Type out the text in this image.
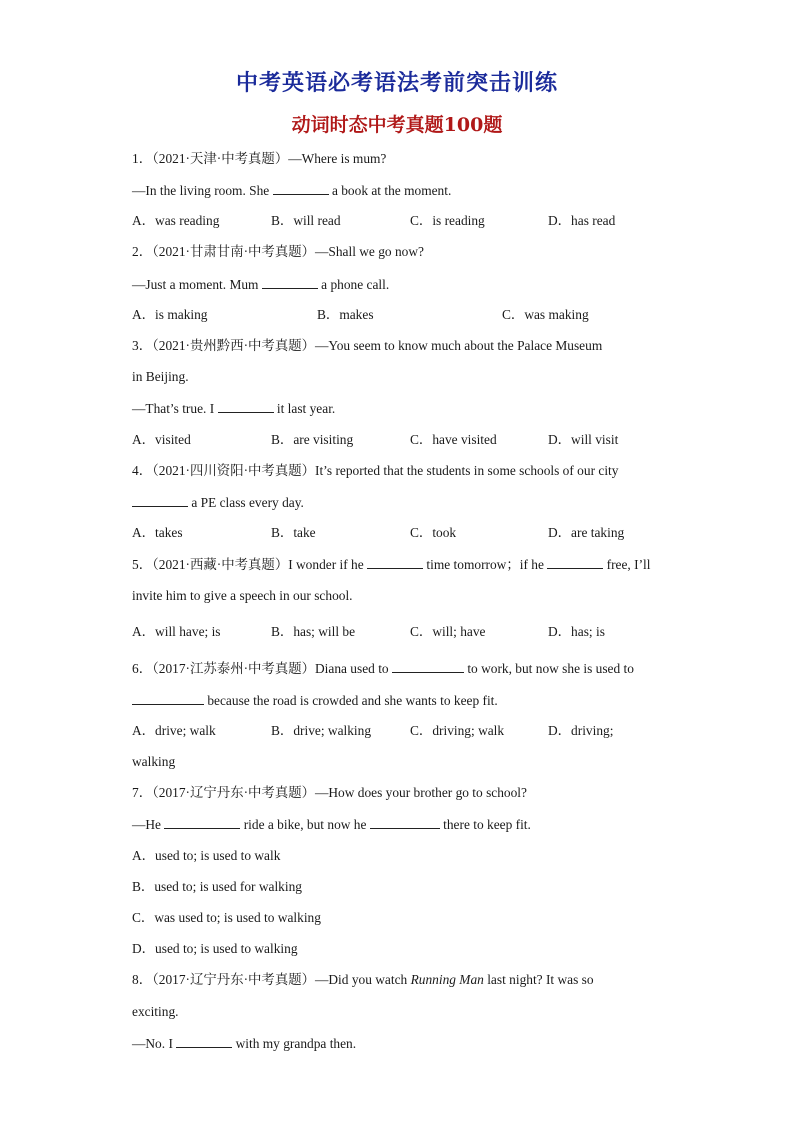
中考英语必考语法考前突击训练
动词时态中考真题100题
1．（2021·天津·中考真题）—Where is mum?
—In the living room. She	a book at the moment.
A．was reading	B．will read	C．is reading	D．has read
2．（2021·甘肃甘南·中考真题）—Shall we go now?
—Just a moment. Mum	a phone call.
A．is making	B．makes	C．was making
3．（2021·贵州黔西·中考真题）—You seem to know much about the Palace Museum
in Beijing.
—That’s true. I	it last year.
A．visited	B．are visiting	C．have visited	D．will visit
4．（2021·四川资阳·中考真题）It’s reported that the students in some schools of our city
a PE class every day.
A．takes	B．take	C．took	D．are taking
5．（2021·西藏·中考真题）I wonder if he	time tomorrow；if he	free, I’ll
invite him to give a speech in our school.
A．will have; is	B．has; will be	C．will; have	D．has; is
6．（2017·江苏泰州·中考真题）Diana used to	to work, but now she is used to
because the road is crowded and she wants to keep fit.
A．drive; walk	B．drive; walking	C．driving; walk	D．driving;
walking
7．（2017·辽宁丹东·中考真题）—How does your brother go to school?
—He	ride a bike, but now he	there to keep fit.
A．used to; is used to walk
B．used to; is used for walking
C．was used to; is used to walking
D．used to; is used to walking
8．（2017·辽宁丹东·中考真题）—Did you watch Running Man last night? It was so
exciting.
—No. I	with my grandpa then.
